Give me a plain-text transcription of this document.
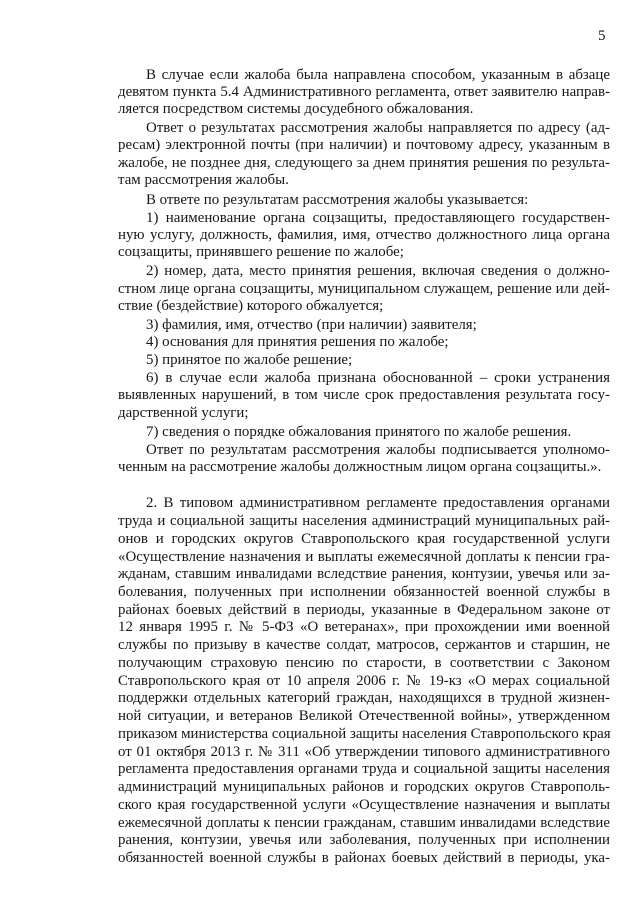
5
В случае если жалоба была направлена способом, указанным в абзаце
девятом пункта 5.4 Административного регламента, ответ заявителю направ-
ляется посредством системы досудебного обжалования.
Ответ о результатах рассмотрения жалобы направляется по адресу (ад-
ресам) электронной почты (при наличии) и почтовому адресу, указанным в
жалобе, не позднее дня, следующего за днем принятия решения по результа-
там рассмотрения жалобы.
В ответе по результатам рассмотрения жалобы указывается:
1) наименование органа соцзащиты, предоставляющего государствен-
ную услугу, должность, фамилия, имя, отчество должностного лица органа
соцзащиты, принявшего решение по жалобе;
2) номер, дата, место принятия решения, включая сведения о должно-
стном лице органа соцзащиты, муниципальном служащем, решение или дей-
ствие (бездействие) которого обжалуется;
3) фамилия, имя, отчество (при наличии) заявителя;
4) основания для принятия решения по жалобе;
5) принятое по жалобе решение;
6) в случае если жалоба признана обоснованной – сроки устранения
выявленных нарушений, в том числе срок предоставления результата госу-
дарственной услуги;
7) сведения о порядке обжалования принятого по жалобе решения.
Ответ по результатам рассмотрения жалобы подписывается уполномо-
ченным на рассмотрение жалобы должностным лицом органа соцзащиты.».
2. В типовом административном регламенте предоставления органами
труда и социальной защиты населения администраций муниципальных рай-
онов и городских округов Ставропольского края государственной услуги
«Осуществление назначения и выплаты ежемесячной доплаты к пенсии гра-
жданам, ставшим инвалидами вследствие ранения, контузии, увечья или за-
болевания, полученных при исполнении обязанностей военной службы в
районах боевых действий в периоды, указанные в Федеральном законе от
12 января 1995 г. № 5-ФЗ «О ветеранах», при прохождении ими военной
службы по призыву в качестве солдат, матросов, сержантов и старшин, не
получающим страховую пенсию по старости, в соответствии с Законом
Ставропольского края от 10 апреля 2006 г. № 19-кз «О мерах социальной
поддержки отдельных категорий граждан, находящихся в трудной жизнен-
ной ситуации, и ветеранов Великой Отечественной войны», утвержденном
приказом министерства социальной защиты населения Ставропольского края
от 01 октября 2013 г. № 311 «Об утверждении типового административного
регламента предоставления органами труда и социальной защиты населения
администраций муниципальных районов и городских округов Ставрополь-
ского края государственной услуги «Осуществление назначения и выплаты
ежемесячной доплаты к пенсии гражданам, ставшим инвалидами вследствие
ранения, контузии, увечья или заболевания, полученных при исполнении
обязанностей военной службы в районах боевых действий в периоды, ука-
